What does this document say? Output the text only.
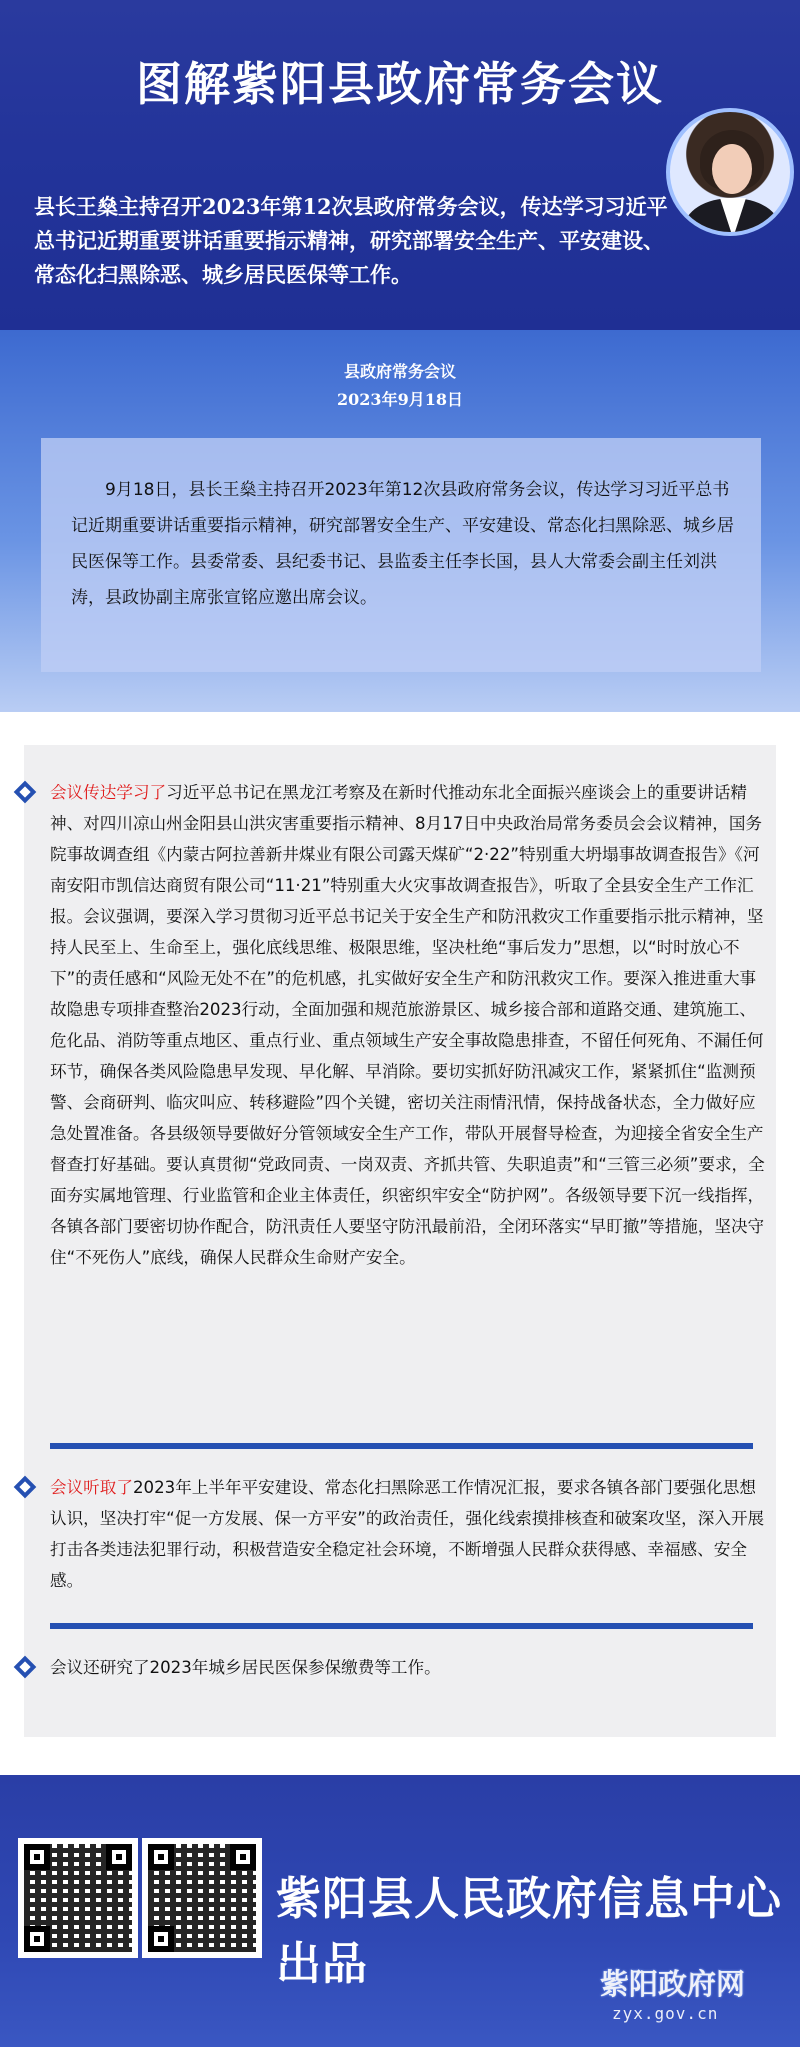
图解紫阳县政府常务会议
县长王燊主持召开2023年第12次县政府常务会议，传达学习习近平总书记近期重要讲话重要指示精神，研究部署安全生产、平安建设、常态化扫黑除恶、城乡居民医保等工作。
县政府常务会议
2023年9月18日
9月18日，县长王燊主持召开2023年第12次县政府常务会议，传达学习习近平总书记近期重要讲话重要指示精神，研究部署安全生产、平安建设、常态化扫黑除恶、城乡居民医保等工作。县委常委、县纪委书记、县监委主任李长国，县人大常委会副主任刘洪涛，县政协副主席张宣铭应邀出席会议。
会议传达学习了习近平总书记在黑龙江考察及在新时代推动东北全面振兴座谈会上的重要讲话精神、对四川凉山州金阳县山洪灾害重要指示精神、8月17日中央政治局常务委员会会议精神，国务院事故调查组《内蒙古阿拉善新井煤业有限公司露天煤矿“2·22”特别重大坍塌事故调查报告》《河南安阳市凯信达商贸有限公司“11·21”特别重大火灾事故调查报告》，听取了全县安全生产工作汇报。会议强调，要深入学习贯彻习近平总书记关于安全生产和防汛救灾工作重要指示批示精神，坚持人民至上、生命至上，强化底线思维、极限思维，坚决杜绝“事后发力”思想，以“时时放心不下”的责任感和“风险无处不在”的危机感，扎实做好安全生产和防汛救灾工作。要深入推进重大事故隐患专项排查整治2023行动，全面加强和规范旅游景区、城乡接合部和道路交通、建筑施工、危化品、消防等重点地区、重点行业、重点领域生产安全事故隐患排查，不留任何死角、不漏任何环节，确保各类风险隐患早发现、早化解、早消除。要切实抓好防汛减灾工作，紧紧抓住“监测预警、会商研判、临灾叫应、转移避险”四个关键，密切关注雨情汛情，保持战备状态，全力做好应急处置准备。各县级领导要做好分管领域安全生产工作，带队开展督导检查，为迎接全省安全生产督查打好基础。要认真贯彻“党政同责、一岗双责、齐抓共管、失职追责”和“三管三必须”要求，全面夯实属地管理、行业监管和企业主体责任，织密织牢安全“防护网”。各级领导要下沉一线指挥，各镇各部门要密切协作配合，防汛责任人要坚守防汛最前沿，全闭环落实“早盯撤”等措施，坚决守住“不死伤人”底线，确保人民群众生命财产安全。
会议听取了2023年上半年平安建设、常态化扫黑除恶工作情况汇报，要求各镇各部门要强化思想认识，坚决打牢“促一方发展、保一方平安”的政治责任，强化线索摸排核查和破案攻坚，深入开展打击各类违法犯罪行动，积极营造安全稳定社会环境，不断增强人民群众获得感、幸福感、安全感。
会议还研究了2023年城乡居民医保参保缴费等工作。
紫阳县人民政府信息中心出品	紫阳政府网
zyx.gov.cn
